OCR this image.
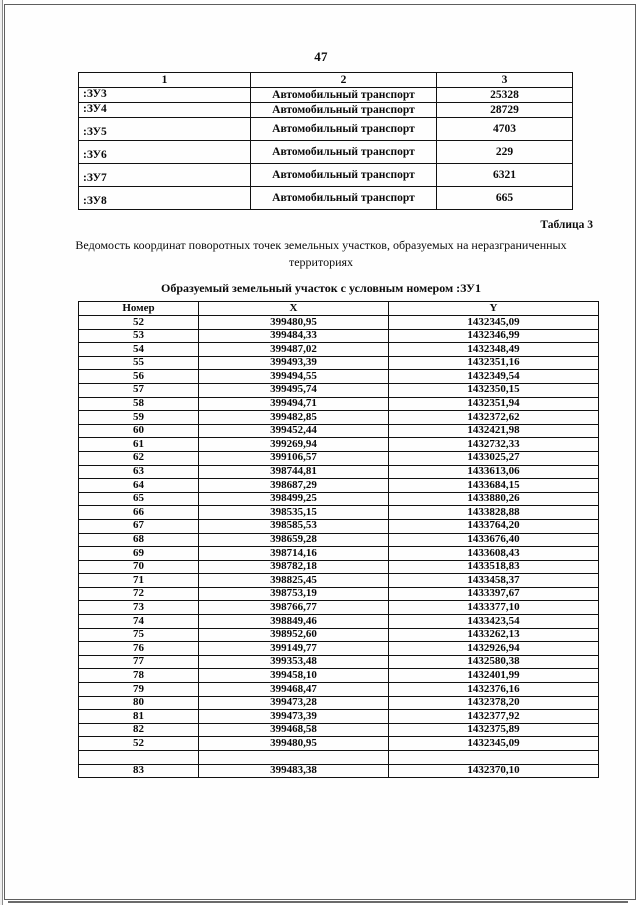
47
1	2	3
:ЗУ3	Автомобильный транспорт	25328
:ЗУ4	Автомобильный транспорт	28729
:ЗУ5	Автомобильный транспорт	4703
:ЗУ6	Автомобильный транспорт	229
:ЗУ7	Автомобильный транспорт	6321
:ЗУ8	Автомобильный транспорт	665
Таблица 3
Ведомость координат поворотных точек земельных участков, образуемых на неразграниченных территориях
Образуемый земельный участок с условным номером :ЗУ1
Номер	X	Y
52	399480,95	1432345,09
53	399484,33	1432346,99
54	399487,02	1432348,49
55	399493,39	1432351,16
56	399494,55	1432349,54
57	399495,74	1432350,15
58	399494,71	1432351,94
59	399482,85	1432372,62
60	399452,44	1432421,98
61	399269,94	1432732,33
62	399106,57	1433025,27
63	398744,81	1433613,06
64	398687,29	1433684,15
65	398499,25	1433880,26
66	398535,15	1433828,88
67	398585,53	1433764,20
68	398659,28	1433676,40
69	398714,16	1433608,43
70	398782,18	1433518,83
71	398825,45	1433458,37
72	398753,19	1433397,67
73	398766,77	1433377,10
74	398849,46	1433423,54
75	398952,60	1433262,13
76	399149,77	1432926,94
77	399353,48	1432580,38
78	399458,10	1432401,99
79	399468,47	1432376,16
80	399473,28	1432378,20
81	399473,39	1432377,92
82	399468,58	1432375,89
52	399480,95	1432345,09

83	399483,38	1432370,10
